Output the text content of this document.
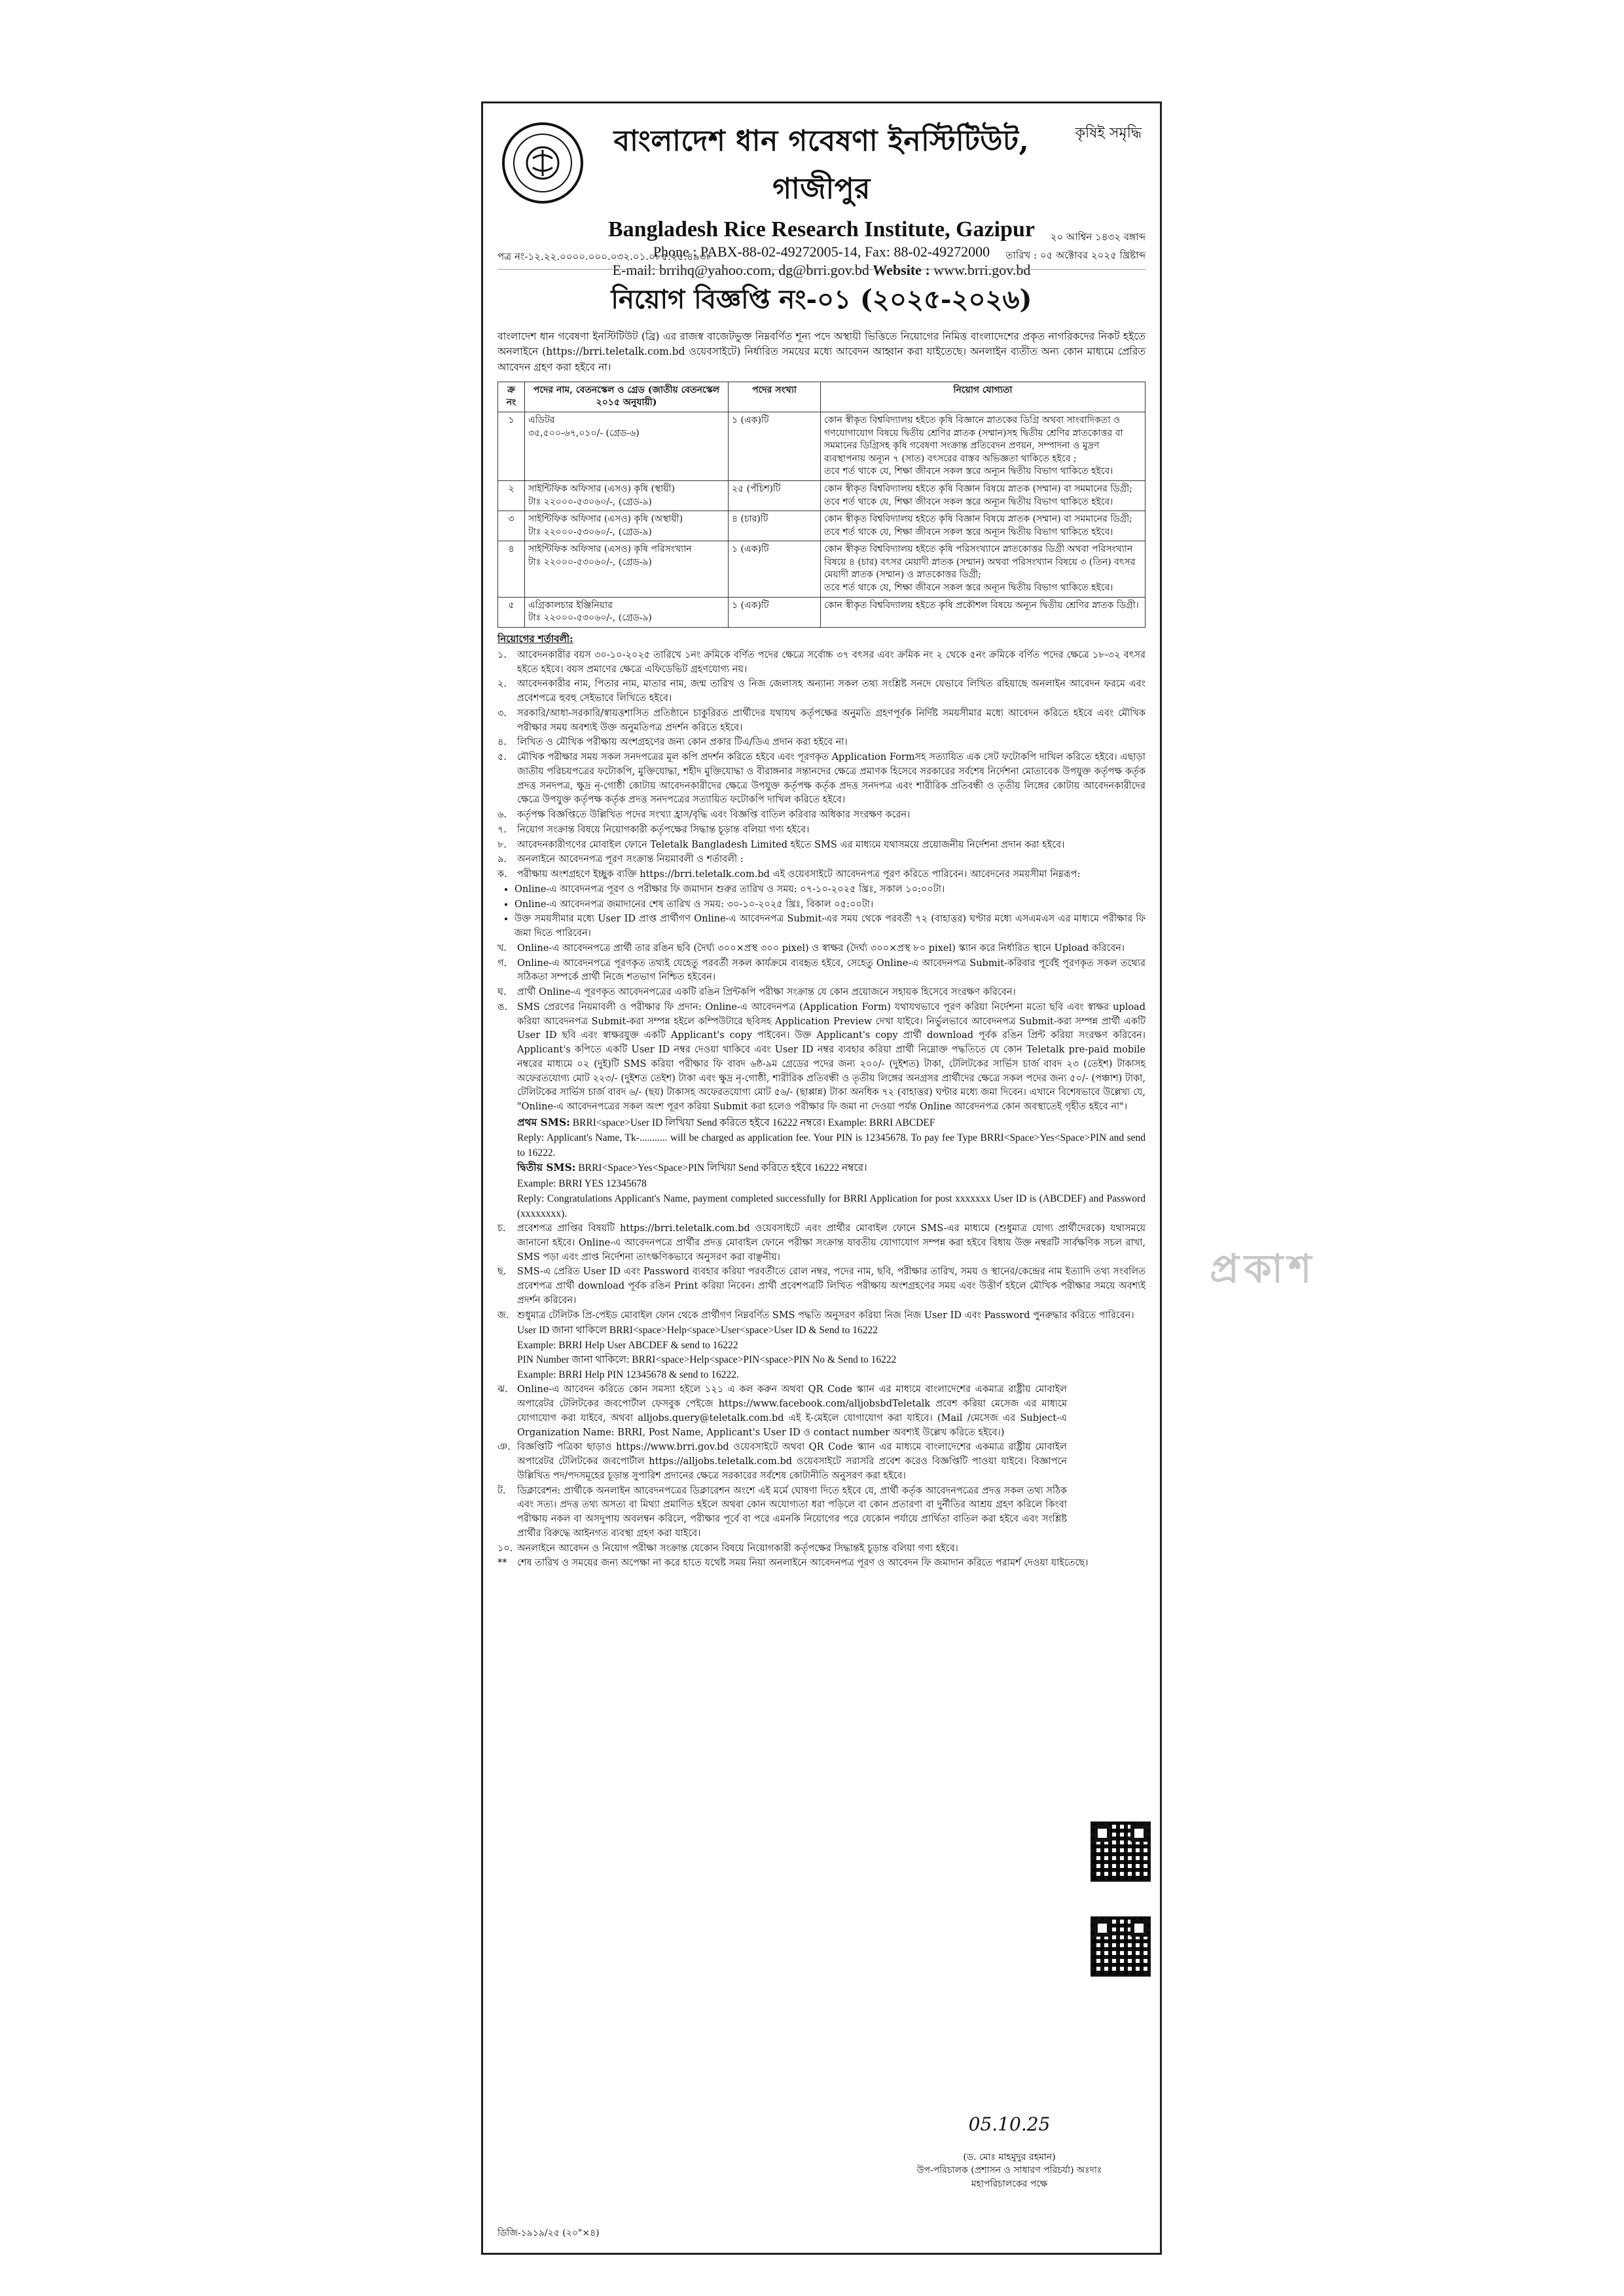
বাংলাদেশ ধান গবেষণা ইনস্টিটিউট, গাজীপুর
Bangladesh Rice Research Institute, Gazipur
Phone : PABX-88-02-49272005-14, Fax: 88-02-49272000
E-mail: brrihq@yahoo.com, dg@brri.gov.bd Website : www.brri.gov.bd
কৃষিই সমৃদ্ধি
পত্র নং-১২.২২.০০০০.০০০.০৩২.০১.০৮৫.২৫.৪৯৩৮
২০ আশ্বিন ১৪৩২ বঙ্গাব্দ
তারিখ : ০৫ অক্টোবর ২০২৫ খ্রিষ্টাব্দ
নিয়োগ বিজ্ঞপ্তি নং-০১ (২০২৫-২০২৬)
বাংলাদেশ ধান গবেষণা ইনস্টিটিউট (ব্রি) এর রাজস্ব বাজেটভুক্ত নিম্নবর্ণিত শূন্য পদে অস্থায়ী ভিত্তিতে নিয়োগের নিমিত্ত বাংলাদেশের প্রকৃত নাগরিকদের নিকট হইতে অনলাইনে (https://brri.teletalk.com.bd ওয়েবসাইটে) নির্ধারিত সময়ের মধ্যে আবেদন আহ্বান করা যাইতেছে। অনলাইন ব্যতীত অন্য কোন মাধ্যমে প্রেরিত আবেদন গ্রহণ করা হইবে না।
ক্র নং	পদের নাম, বেতনস্কেল ও গ্রেড (জাতীয় বেতনস্কেল ২০১৫ অনুযায়ী)	পদের সংখ্যা	নিয়োগ যোগ্যতা
১	এডিটর
৩৫,৫০০-৬৭,০১০/- (গ্রেড-৬)	১ (এক)টি	কোন স্বীকৃত বিশ্ববিদ্যালয় হইতে কৃষি বিজ্ঞানে স্নাতকের ডিগ্রি অথবা সাংবাদিকতা ও গণযোগাযোগ বিষয়ে দ্বিতীয় শ্রেণির স্নাতক (সম্মান)সহ দ্বিতীয় শ্রেণির স্নাতকোত্তর বা সমমানের ডিগ্রিসহ কৃষি গবেষণা সংক্রান্ত প্রতিবেদন প্রণয়ন, সম্পাদনা ও মুদ্রণ ব্যবস্থাপনায় অন্যূন ৭ (সাত) বৎসরের বাস্তব অভিজ্ঞতা থাকিতে হইবে ;
তবে শর্ত থাকে যে, শিক্ষা জীবনে সকল স্তরে অন্যূন দ্বিতীয় বিভাগ থাকিতে হইবে।
২	সাইন্টিফিক অফিসার (এসও) কৃষি (স্থায়ী)
টাঃ ২২০০০-৫৩০৬০/-, (গ্রেড-৯)	২৫ (পঁচিশ)টি	কোন স্বীকৃত বিশ্ববিদ্যালয় হইতে কৃষি বিজ্ঞান বিষয়ে স্নাতক (সম্মান) বা সমমানের ডিগ্রী;
তবে শর্ত থাকে যে, শিক্ষা জীবনে সকল স্তরে অন্যূন দ্বিতীয় বিভাগ থাকিতে হইবে।
৩	সাইন্টিফিক অফিসার (এসও) কৃষি (অস্থায়ী)
টাঃ ২২০০০-৫৩০৬০/-, (গ্রেড-৯)	৪ (চার)টি	কোন স্বীকৃত বিশ্ববিদ্যালয় হইতে কৃষি বিজ্ঞান বিষয়ে স্নাতক (সম্মান) বা সমমানের ডিগ্রী;
তবে শর্ত থাকে যে, শিক্ষা জীবনে সকল স্তরে অন্যূন দ্বিতীয় বিভাগ থাকিতে হইবে।
৪	সাইন্টিফিক অফিসার (এসও) কৃষি পরিসংখ্যান
টাঃ ২২০০০-৫৩০৬০/-, (গ্রেড-৯)	১ (এক)টি	কোন স্বীকৃত বিশ্ববিদ্যালয় হইতে কৃষি পরিসংখ্যানে স্নাতকোত্তর ডিগ্রী অথবা পরিসংখ্যান বিষয়ে ৪ (চার) বৎসর মেয়াদী স্নাতক (সম্মান) অথবা পরিসংখ্যান বিষয়ে ৩ (তিন) বৎসর মেয়াদী স্নাতক (সম্মান) ও স্নাতকোত্তর ডিগ্রী;
তবে শর্ত থাকে যে, শিক্ষা জীবনে সকল স্তরে অন্যূন দ্বিতীয় বিভাগ থাকিতে হইবে।
৫	এগ্রিকালচার ইঞ্জিনিয়ার
টাঃ ২২০০০-৫৩০৬০/-, (গ্রেড-৯)	১ (এক)টি	কোন স্বীকৃত বিশ্ববিদ্যালয় হইতে কৃষি প্রকৌশল বিষয়ে অন্যূন দ্বিতীয় শ্রেণির স্নাতক ডিগ্রী।
নিয়োগের শর্তাবলী:
১.	আবেদনকারীর বয়স ৩০-১০-২০২৫ তারিখে ১নং ক্রমিকে বর্ণিত পদের ক্ষেত্রে সর্বোচ্চ ৩৭ বৎসর এবং ক্রমিক নং ২ থেকে ৫নং ক্রমিকে বর্ণিত পদের ক্ষেত্রে ১৮-৩২ বৎসর হইতে হইবে। বয়স প্রমাণের ক্ষেত্রে এফিডেভিট গ্রহণযোগ্য নয়।
২.	আবেদনকারীর নাম, পিতার নাম, মাতার নাম, জন্ম তারিখ ও নিজ জেলাসহ অন্যান্য সকল তথ্য সংশ্লিষ্ট সনদে যেভাবে লিখিত রহিয়াছে অনলাইন আবেদন ফরমে এবং প্রবেশপত্রে হুবহু সেইভাবে লিখিতে হইবে।
৩.	সরকারি/আধা-সরকারি/স্বায়ত্তশাসিত প্রতিষ্ঠানে চাকুরিরত প্রার্থীদের যথাযথ কর্তৃপক্ষের অনুমতি গ্রহণপূর্বক নির্দিষ্ট সময়সীমার মধ্যে আবেদন করিতে হইবে এবং মৌখিক পরীক্ষার সময় অবশ্যই উক্ত অনুমতিপত্র প্রদর্শন করিতে হইবে।
৪.	লিখিত ও মৌখিক পরীক্ষায় অংশগ্রহণের জন্য কোন প্রকার টিএ/ডিএ প্রদান করা হইবে না।
৫.	মৌখিক পরীক্ষার সময় সকল সনদপত্রের মূল কপি প্রদর্শন করিতে হইবে এবং পূরণকৃত Application Formসহ সত্যায়িত এক সেট ফটোকপি দাখিল করিতে হইবে। এছাড়া জাতীয় পরিচয়পত্রের ফটোকপি, মুক্তিযোদ্ধা, শহীদ মুক্তিযোদ্ধা ও বীরাঙ্গনার সন্তানদের ক্ষেত্রে প্রমাণক হিসেবে সরকারের সর্বশেষ নির্দেশনা মোতাবেক উপযুক্ত কর্তৃপক্ষ কর্তৃক প্রদত্ত সনদপত্র, ক্ষুদ্র নৃ-গোষ্ঠী কোটায় আবেদনকারীদের ক্ষেত্রে উপযুক্ত কর্তৃপক্ষ কর্তৃক প্রদত্ত সনদপত্র এবং শারীরিক প্রতিবন্ধী ও তৃতীয় লিঙ্গের কোটায় আবেদনকারীদের ক্ষেত্রে উপযুক্ত কর্তৃপক্ষ কর্তৃক প্রদত্ত সনদপত্রের সত্যায়িত ফটোকপি দাখিল করিতে হইবে।
৬.	কর্তৃপক্ষ বিজ্ঞপ্তিতে উল্লিখিত পদের সংখ্যা হ্রাস/বৃদ্ধি এবং বিজ্ঞপ্তি বাতিল করিবার অধিকার সংরক্ষণ করেন।
৭.	নিয়োগ সংক্রান্ত বিষয়ে নিয়োগকারী কর্তৃপক্ষের সিদ্ধান্ত চূড়ান্ত বলিয়া গণ্য হইবে।
৮.	আবেদনকারীগণের মোবাইল ফোনে Teletalk Bangladesh Limited হইতে SMS এর মাধ্যমে যথাসময়ে প্রয়োজনীয় নির্দেশনা প্রদান করা হইবে।
৯.	অনলাইনে আবেদনপত্র পূরণ সংক্রান্ত নিয়মাবলী ও শর্তাবলী :
ক.	পরীক্ষায় অংশগ্রহণে ইচ্ছুক ব্যক্তি https://brri.teletalk.com.bd এই ওয়েবসাইটে আবেদনপত্র পূরণ করিতে পারিবেন। আবেদনের সময়সীমা নিম্নরূপ:
• Online-এ আবেদনপত্র পূরণ ও পরীক্ষার ফি জমাদান শুরুর তারিখ ও সময়: ০৭-১০-২০২৫ খ্রিঃ, সকাল ১০:০০টা।
• Online-এ আবেদনপত্র জমাদানের শেষ তারিখ ও সময়: ৩০-১০-২০২৫ খ্রিঃ, বিকাল ০৫:০০টা।
• উক্ত সময়সীমার মধ্যে User ID প্রাপ্ত প্রার্থীগণ Online-এ আবেদনপত্র Submit-এর সময় থেকে পরবর্তী ৭২ (বাহাত্তর) ঘণ্টার মধ্যে এসএমএস এর মাধ্যমে পরীক্ষার ফি জমা দিতে পারিবেন।
খ.	Online-এ আবেদনপত্রে প্রার্থী তার রঙিন ছবি (দৈর্ঘ্য ৩০০×প্রস্থ ৩০০ pixel) ও স্বাক্ষর (দৈর্ঘ্য ৩০০×প্রস্থ ৮০ pixel) স্ক্যান করে নির্ধারিত স্থানে Upload করিবেন।
গ.	Online-এ আবেদনপত্রে পূরণকৃত তথ্যই যেহেতু পরবর্তী সকল কার্যক্রমে ব্যবহৃত হইবে, সেহেতু Online-এ আবেদনপত্র Submit-করিবার পূর্বেই পূরণকৃত সকল তথ্যের সঠিকতা সম্পর্কে প্রার্থী নিজে শতভাগ নিশ্চিত হইবেন।
ঘ.	প্রার্থী Online-এ পূরণকৃত আবেদনপত্রের একটি রঙিন প্রিন্টকপি পরীক্ষা সংক্রান্ত যে কোন প্রয়োজনে সহায়ক হিসেবে সংরক্ষণ করিবেন।
ঙ.	SMS প্রেরণের নিয়মাবলী ও পরীক্ষার ফি প্রদান: Online-এ আবেদনপত্র (Application Form) যথাযথভাবে পূরণ করিয়া নির্দেশনা মতো ছবি এবং স্বাক্ষর upload করিয়া আবেদনপত্র Submit-করা সম্পন্ন হইলে কম্পিউটারে ছবিসহ Application Preview দেখা যাইবে। নির্ভুলভাবে আবেদনপত্র Submit-করা সম্পন্ন প্রার্থী একটি User ID ছবি এবং স্বাক্ষরযুক্ত একটি Applicant's copy পাইবেন। উক্ত Applicant's copy প্রার্থী download পূর্বক রঙিন প্রিন্ট করিয়া সংরক্ষণ করিবেন। Applicant's কপিতে একটি User ID নম্বর দেওয়া থাকিবে এবং User ID নম্বর ব্যবহার করিয়া প্রার্থী নিম্নোক্ত পদ্ধতিতে যে কোন Teletalk pre-paid mobile নম্বরের মাধ্যমে ০২ (দুই)টি SMS করিয়া পরীক্ষার ফি বাবদ ৬ষ্ঠ-৯ম গ্রেডের পদের জন্য ২০০/- (দুইশত) টাকা, টেলিটকের সার্ভিস চার্জ বাবদ ২৩ (তেইশ) টাকাসহ অফেরতযোগ্য মোট ২২৩/- (দুইশত তেইশ) টাকা এবং ক্ষুদ্র নৃ-গোষ্ঠী, শারীরিক প্রতিবন্ধী ও তৃতীয় লিঙ্গের অনগ্রসর প্রার্থীদের ক্ষেত্রে সকল পদের জন্য ৫০/- (পঞ্চাশ) টাকা, টেলিটকের সার্ভিস চার্জ বাবদ ৬/- (ছয়) টাকাসহ অফেরতযোগ্য মোট ৫৬/- (ছাপ্পান্ন) টাকা অনধিক ৭২ (বাহাত্তর) ঘণ্টার মধ্যে জমা দিবেন। এখানে বিশেষভাবে উল্লেখ্য যে, "Online-এ আবেদনপত্রের সকল অংশ পূরণ করিয়া Submit করা হলেও পরীক্ষার ফি জমা না দেওয়া পর্যন্ত Online আবেদনপত্র কোন অবস্থাতেই গৃহীত হইবে না"।
প্রথম SMS: BRRI<space>User ID লিখিয়া Send করিতে হইবে 16222 নম্বরে। Example: BRRI ABCDEF
Reply: Applicant's Name, Tk-........... will be charged as application fee. Your PIN is 12345678. To pay fee Type BRRI<Space>Yes<Space>PIN and send to 16222.
দ্বিতীয় SMS: BRRI<Space>Yes<Space>PIN লিখিয়া Send করিতে হইবে 16222 নম্বরে।
Example: BRRI YES 12345678
Reply: Congratulations Applicant's Name, payment completed successfully for BRRI Application for post xxxxxxx User ID is (ABCDEF) and Password (xxxxxxxx).
চ.	প্রবেশপত্র প্রাপ্তির বিষয়টি https://brri.teletalk.com.bd ওয়েবসাইটে এবং প্রার্থীর মোবাইল ফোনে SMS-এর মাধ্যমে (শুধুমাত্র যোগ্য প্রার্থীদেরকে) যথাসময়ে জানানো হইবে। Online-এ আবেদনপত্রে প্রার্থীর প্রদত্ত মোবাইল ফোনে পরীক্ষা সংক্রান্ত যাবতীয় যোগাযোগ সম্পন্ন করা হইবে বিধায় উক্ত নম্বরটি সার্বক্ষণিক সচল রাখা, SMS পড়া এবং প্রাপ্ত নির্দেশনা তাৎক্ষণিকভাবে অনুসরণ করা বাঞ্ছনীয়।
ছ.	SMS-এ প্রেরিত User ID এবং Password ব্যবহার করিয়া পরবর্তীতে রোল নম্বর, পদের নাম, ছবি, পরীক্ষার তারিখ, সময় ও স্থানের/কেন্দ্রের নাম ইত্যাদি তথ্য সংবলিত প্রবেশপত্র প্রার্থী download পূর্বক রঙিন Print করিয়া নিবেন। প্রার্থী প্রবেশপত্রটি লিখিত পরীক্ষায় অংশগ্রহণের সময় এবং উত্তীর্ণ হইলে মৌখিক পরীক্ষার সময়ে অবশ্যই প্রদর্শন করিবেন।
জ. শুধুমাত্র টেলিটক প্রি-পেইড মোবাইল ফোন থেকে প্রার্থীগণ নিম্নবর্ণিত SMS পদ্ধতি অনুসরণ করিয়া নিজ নিজ User ID এবং Password পুনরুদ্ধার করিতে পারিবেন।
User ID জানা থাকিলে BRRI<space>Help<space>User<space>User ID & Send to 16222
Example: BRRI Help User ABCDEF & send to 16222
PIN Number জানা থাকিলে: BRRI<space>Help<space>PIN<space>PIN No & Send to 16222
Example: BRRI Help PIN 12345678 & send to 16222.
ঝ. Online-এ আবেদন করিতে কোন সমস্যা হইলে ১২১ এ কল করুন অথবা QR Code স্ক্যান এর মাধ্যমে বাংলাদেশের একমাত্র রাষ্ট্রীয় মোবাইল অপারেটর টেলিটকের জবপোর্টাল ফেসবুক পেইজে https://www.facebook.com/alljobsbdTeletalk প্রবেশ করিয়া মেসেজ এর মাধ্যমে যোগাযোগ করা যাইবে, অথবা alljobs.query@teletalk.com.bd এই ই-মেইলে যোগাযোগ করা যাইবে। (Mail /মেসেজ এর Subject-এ Organization Name: BRRI, Post Name, Applicant's User ID ও contact number অবশ্যই উল্লেখ করিতে হইবে।)
ঞ. বিজ্ঞপ্তিটি পত্রিকা ছাড়াও https://www.brri.gov.bd ওয়েবসাইটে অথবা QR Code স্ক্যান এর মাধ্যমে বাংলাদেশের একমাত্র রাষ্ট্রীয় মোবাইল অপারেটর টেলিটকের জবপোর্টাল https://alljobs.teletalk.com.bd ওয়েবসাইটে সরাসরি প্রবেশ করেও বিজ্ঞপ্তিটি পাওয়া যাইবে। বিজ্ঞাপনে উল্লিখিত পদ/পদসমূহের চূড়ান্ত সুপারিশ প্রদানের ক্ষেত্রে সরকারের সর্বশেষ কোটানীতি অনুসরণ করা হইবে।
ট.	ডিক্লারেশন: প্রার্থীকে অনলাইন আবেদনপত্রের ডিক্লারেশন অংশে এই মর্মে ঘোষণা দিতে হইবে যে, প্রার্থী কর্তৃক আবেদনপত্রের প্রদত্ত সকল তথ্য সঠিক এবং সত্য। প্রদত্ত তথ্য অসত্য বা মিথ্যা প্রমাণিত হইলে অথবা কোন অযোগ্যতা ধরা পড়িলে বা কোন প্রতারণা বা দুর্নীতির আশ্রয় গ্রহণ করিলে কিংবা পরীক্ষায় নকল বা অসদুপায় অবলম্বন করিলে, পরীক্ষার পূর্বে বা পরে এমনকি নিয়োগের পরে যেকোন পর্যায়ে প্রার্থিতা বাতিল করা হইবে এবং সংশ্লিষ্ট প্রার্থীর বিরুদ্ধে আইনগত ব্যবস্থা গ্রহণ করা যাইবে।
১০. অনলাইনে আবেদন ও নিয়োগ পরীক্ষা সংক্রান্ত যেকোন বিষয়ে নিয়োগকারী কর্তৃপক্ষের সিদ্ধান্তই চূড়ান্ত বলিয়া গণ্য হইবে।
**	শেষ তারিখ ও সময়ের জন্য অপেক্ষা না করে হাতে যথেষ্ট সময় নিয়া অনলাইনে আবেদনপত্র পূরণ ও আবেদন ফি জমাদান করিতে পরামর্শ দেওয়া যাইতেছে।
05.10.25
(ড. মোঃ মাহমুদুর রহমান)
উপ-পরিচালক (প্রশাসন ও সাধারণ পরিচর্যা) অঃদাঃ
মহাপরিচালকের পক্ষে
ডিজি-১৯১৯/২৫ (২০"×৪)
প্রকাশ
